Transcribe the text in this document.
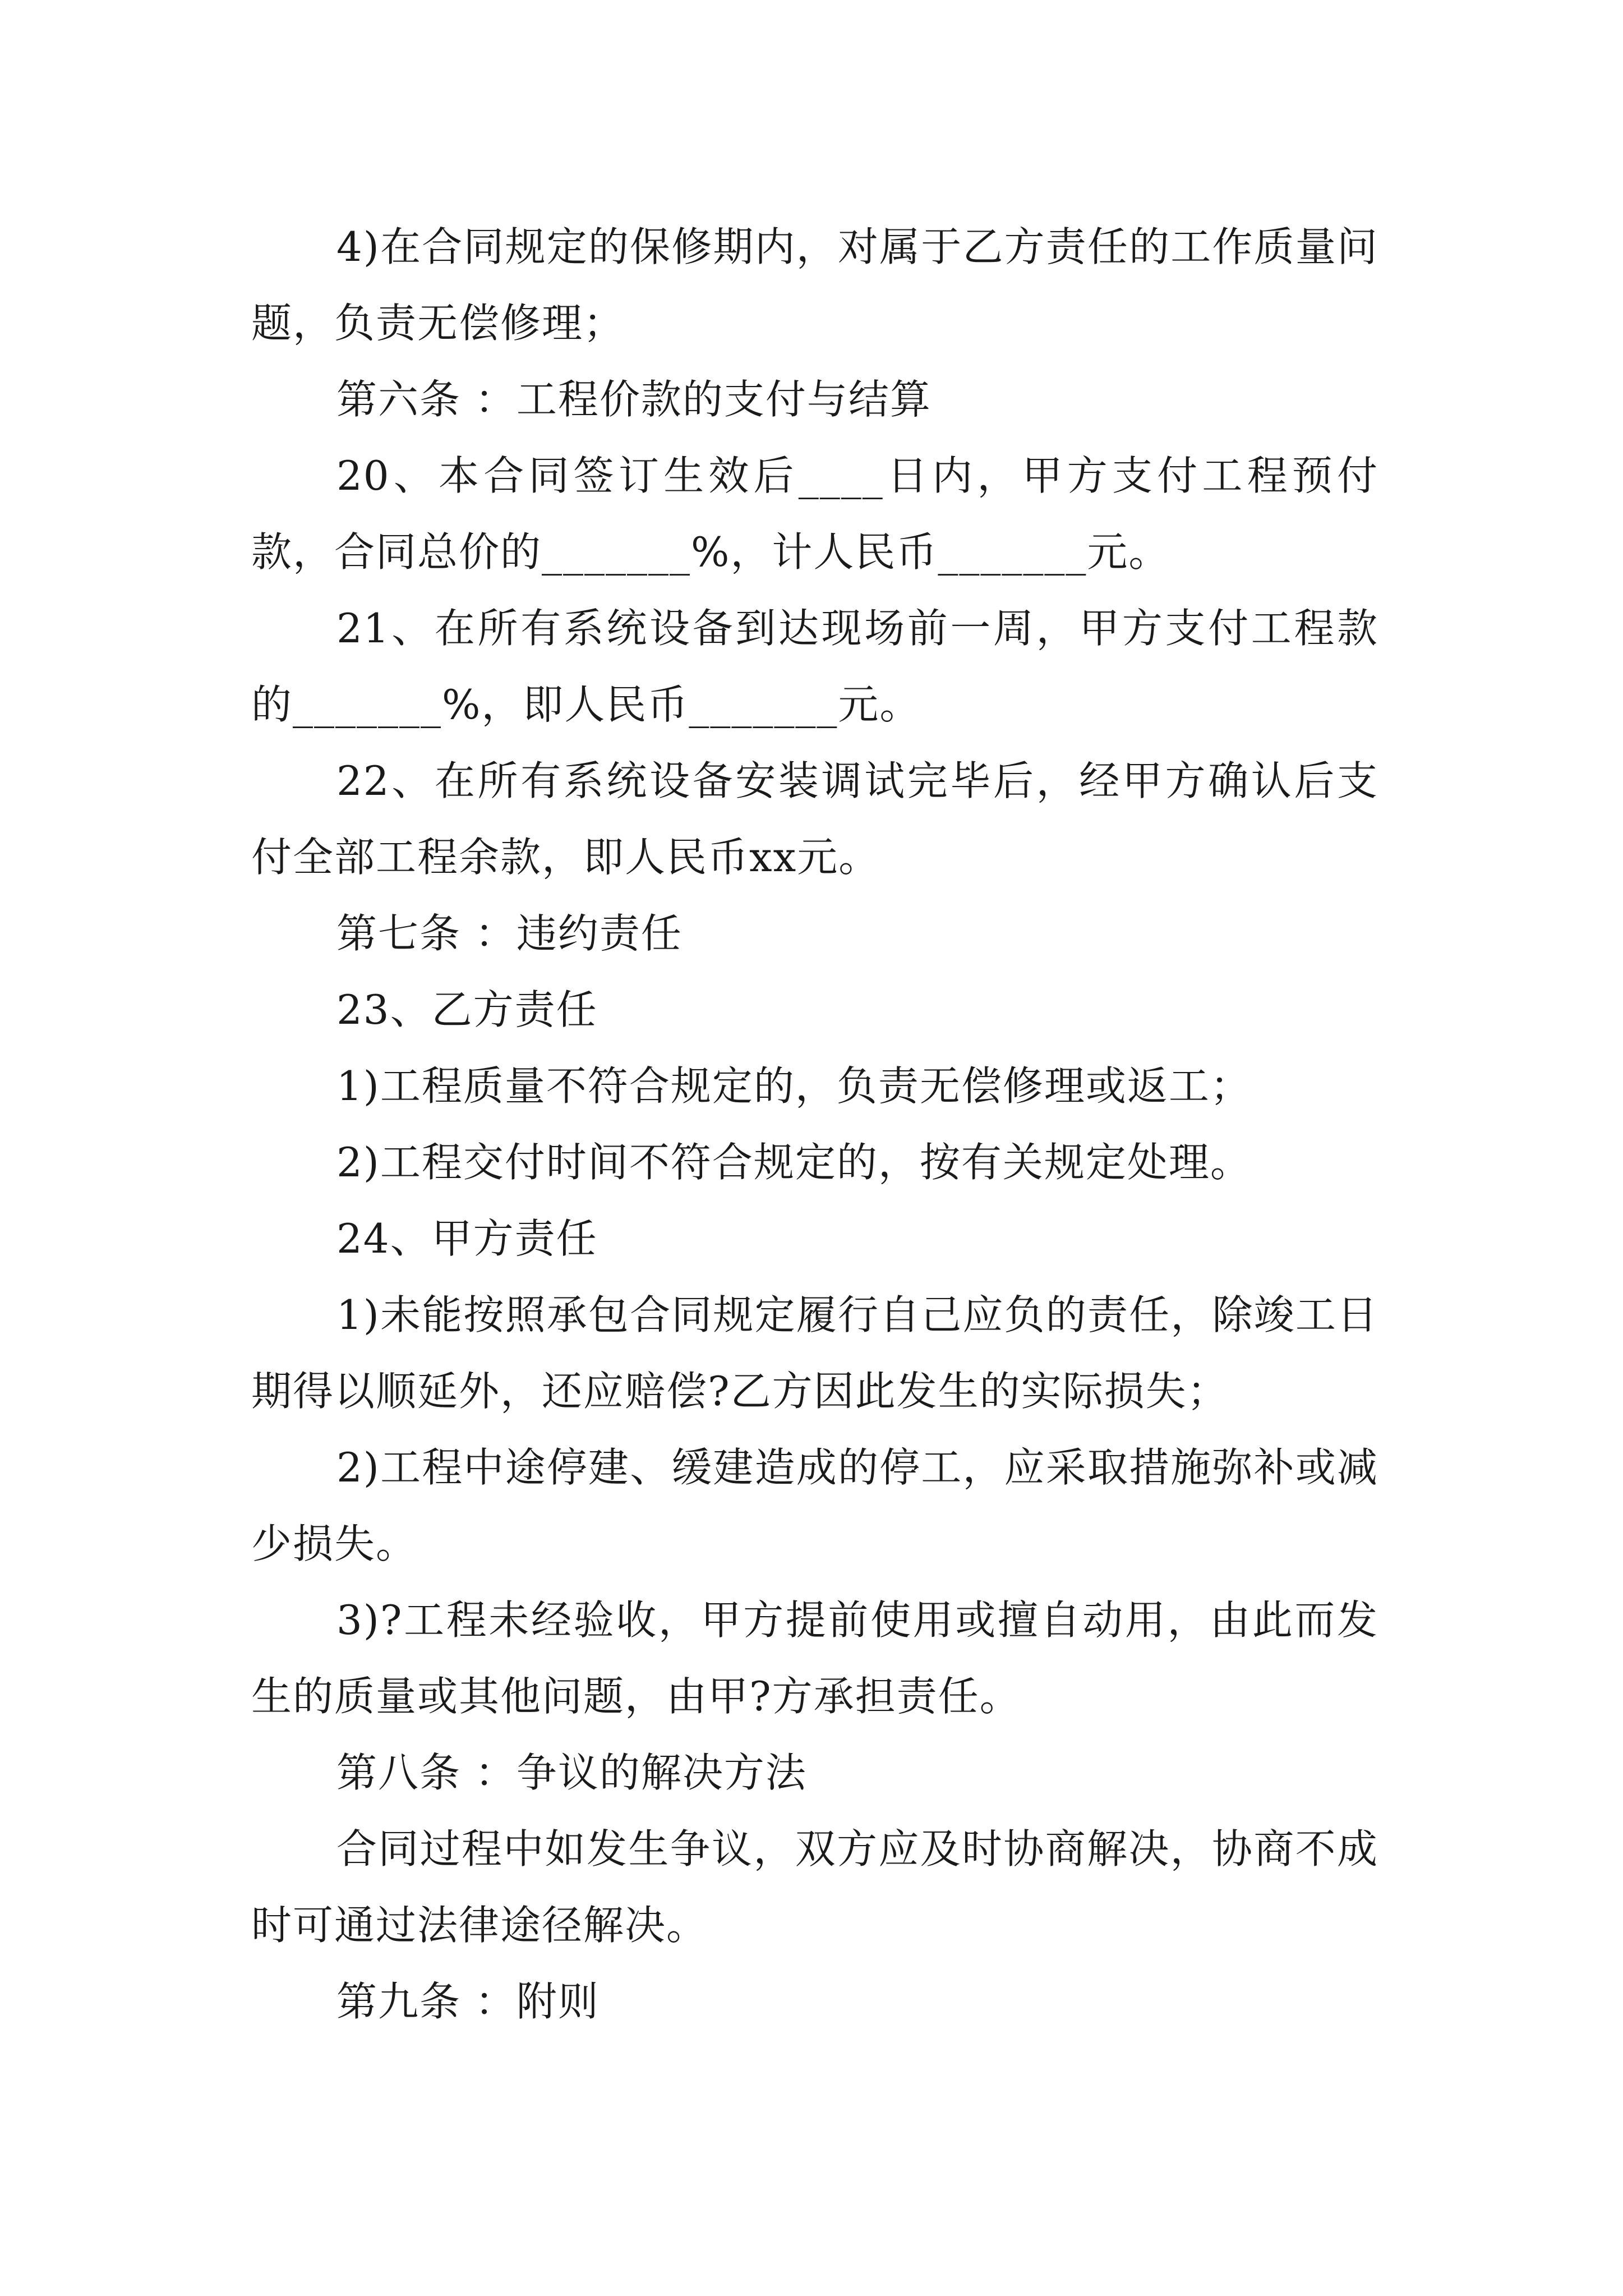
4)在合同规定的保修期内，对属于乙方责任的工作质量问题，负责无偿修理；

第六条 ：工程价款的支付与结算

20、本合同签订生效后____日内，甲方支付工程预付款，合同总价的_______%，计人民币_______元。

21、在所有系统设备到达现场前一周，甲方支付工程款的_______%，即人民币_______元。

22、在所有系统设备安装调试完毕后，经甲方确认后支付全部工程余款，即人民币xx元。

第七条 ：违约责任

23、乙方责任

1)工程质量不符合规定的，负责无偿修理或返工；

2)工程交付时间不符合规定的，按有关规定处理。

24、甲方责任

1)未能按照承包合同规定履行自己应负的责任，除竣工日期得以顺延外，还应赔偿?乙方因此发生的实际损失；

2)工程中途停建、缓建造成的停工，应采取措施弥补或减少损失。

3)?工程未经验收，甲方提前使用或擅自动用，由此而发生的质量或其他问题，由甲?方承担责任。

第八条 ：争议的解决方法

合同过程中如发生争议，双方应及时协商解决，协商不成时可通过法律途径解决。

第九条 ：附则
